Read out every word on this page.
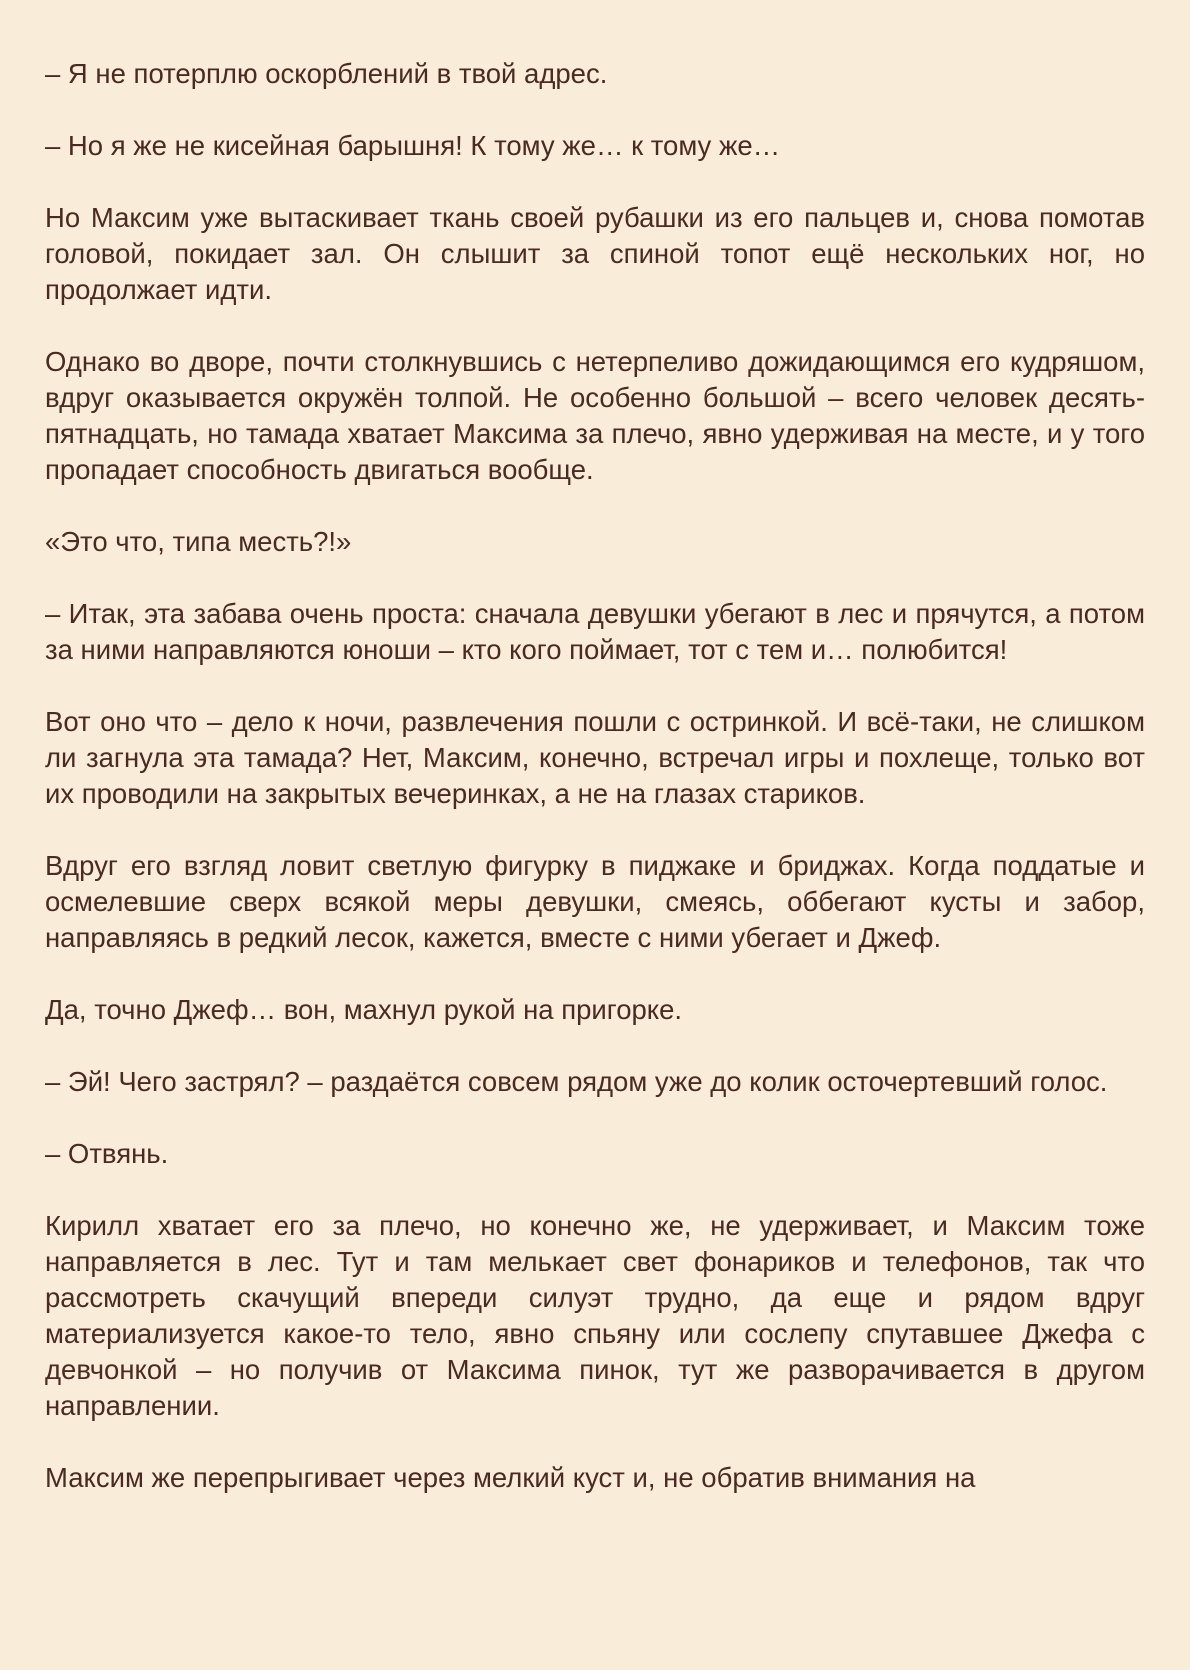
– Я не потерплю оскорблений в твой адрес.

– Но я же не кисейная барышня! К тому же… к тому же…

Но Максим уже вытаскивает ткань своей рубашки из его пальцев и, снова помотав головой, покидает зал. Он слышит за спиной топот ещё нескольких ног, но продолжает идти.

Однако во дворе, почти столкнувшись с нетерпеливо дожидающимся его кудряшом, вдруг оказывается окружён толпой. Не особенно большой – всего человек десять-пятнадцать, но тамада хватает Максима за плечо, явно удерживая на месте, и у того пропадает способность двигаться вообще.

«Это что, типа месть?!»

– Итак, эта забава очень проста: сначала девушки убегают в лес и прячутся, а потом за ними направляются юноши – кто кого поймает, тот с тем и… полюбится!

Вот оно что – дело к ночи, развлечения пошли с остринкой. И всё-таки, не слишком ли загнула эта тамада? Нет, Максим, конечно, встречал игры и похлеще, только вот их проводили на закрытых вечеринках, а не на глазах стариков.

Вдруг его взгляд ловит светлую фигурку в пиджаке и бриджах. Когда поддатые и осмелевшие сверх всякой меры девушки, смеясь, оббегают кусты и забор, направляясь в редкий лесок, кажется, вместе с ними убегает и Джеф.

Да, точно Джеф… вон, махнул рукой на пригорке.

– Эй! Чего застрял? – раздаётся совсем рядом уже до колик осточертевший голос.

– Отвянь.

Кирилл хватает его за плечо, но конечно же, не удерживает, и Максим тоже направляется в лес. Тут и там мелькает свет фонариков и телефонов, так что рассмотреть скачущий впереди силуэт трудно, да еще и рядом вдруг материализуется какое-то тело, явно спьяну или сослепу спутавшее Джефа с девчонкой – но получив от Максима пинок, тут же разворачивается в другом направлении.

Максим же перепрыгивает через мелкий куст и, не обратив внимания на
